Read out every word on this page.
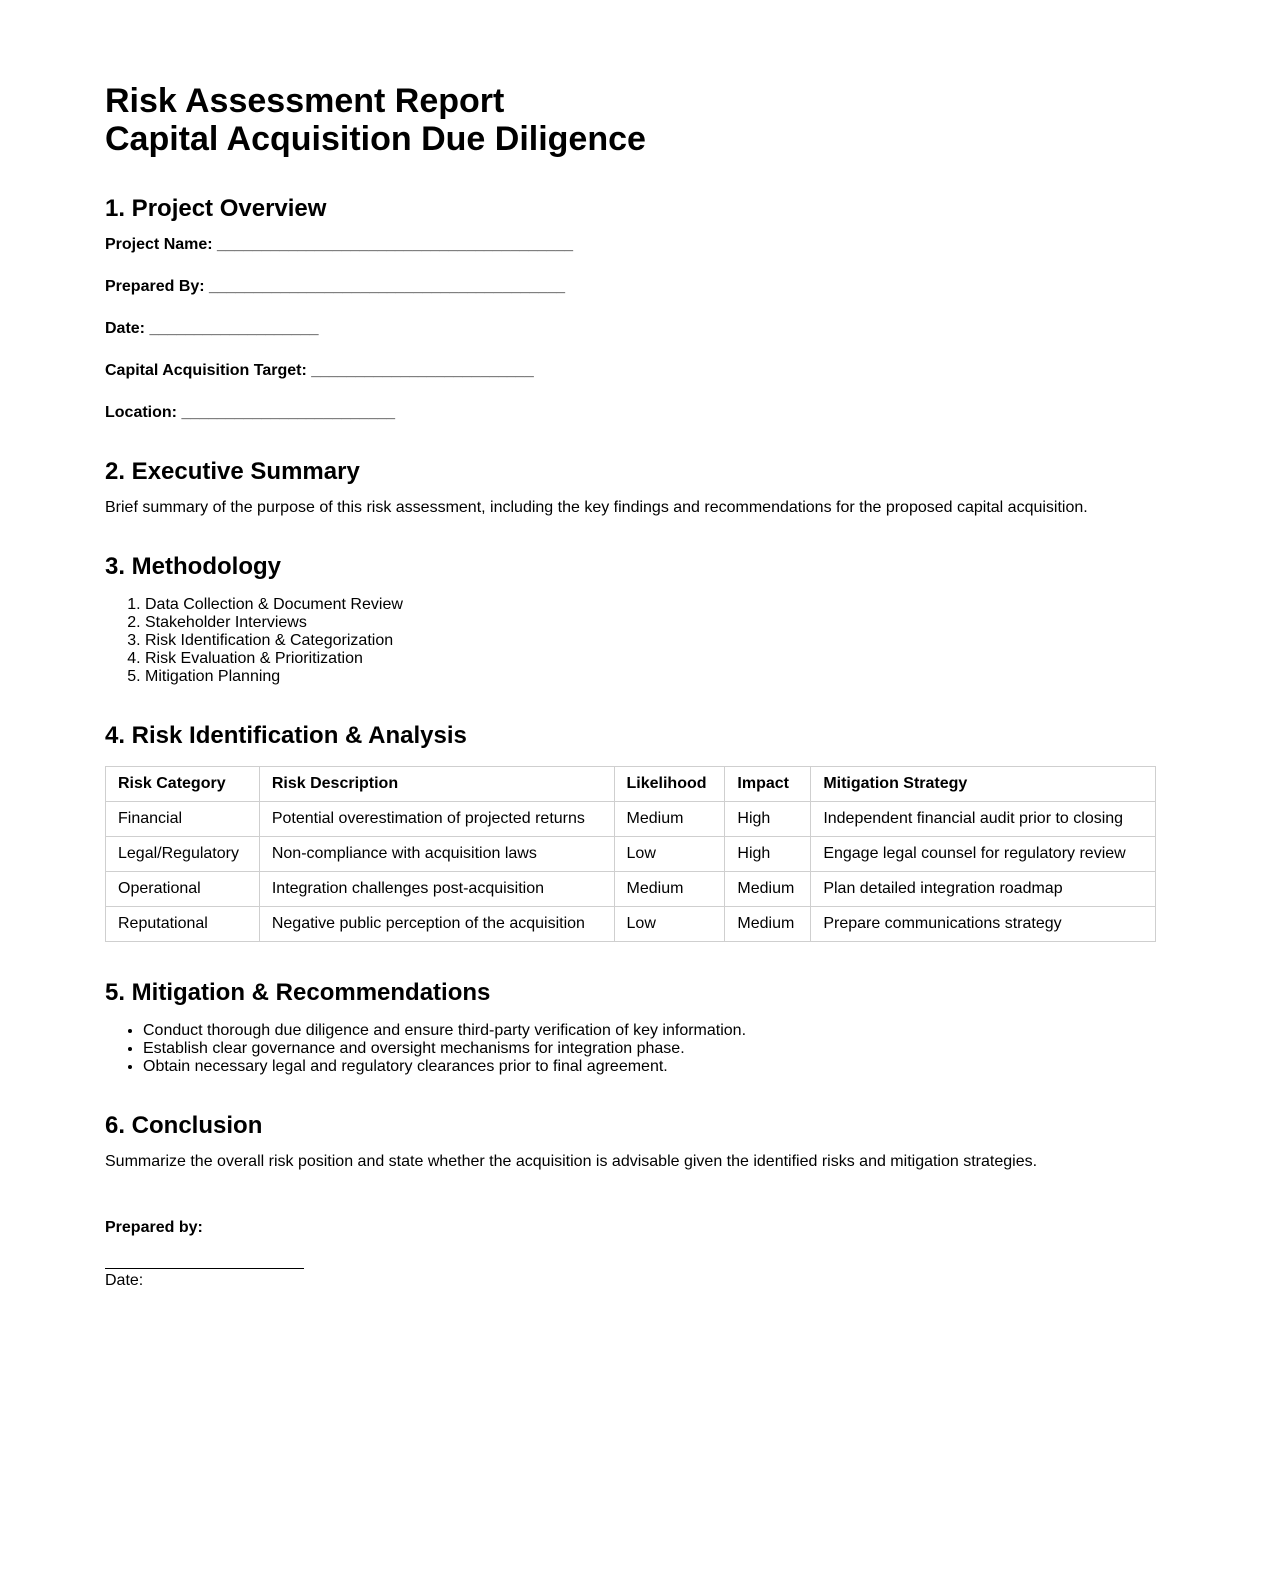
Risk Assessment Report
Capital Acquisition Due Diligence
1. Project Overview
Project Name: ________________________________________
Prepared By: ________________________________________
Date: ___________________
Capital Acquisition Target: _________________________
Location: ________________________
2. Executive Summary

Brief summary of the purpose of this risk assessment, including the key findings and recommendations for the proposed capital acquisition.

3. Methodology
1. Data Collection & Document Review
2. Stakeholder Interviews
3. Risk Identification & Categorization
4. Risk Evaluation & Prioritization
5. Mitigation Planning
4. Risk Identification & Analysis
Risk Category	Risk Description	Likelihood	Impact	Mitigation Strategy
Financial	Potential overestimation of projected returns	Medium	High	Independent financial audit prior to closing
Legal/Regulatory	Non-compliance with acquisition laws	Low	High	Engage legal counsel for regulatory review
Operational	Integration challenges post-acquisition	Medium	Medium	Plan detailed integration roadmap
Reputational	Negative public perception of the acquisition	Low	Medium	Prepare communications strategy
5. Mitigation & Recommendations
• Conduct thorough due diligence and ensure third-party verification of key information.
• Establish clear governance and oversight mechanisms for integration phase.
• Obtain necessary legal and regulatory clearances prior to final agreement.
6. Conclusion

Summarize the overall risk position and state whether the acquisition is advisable given the identified risks and mitigation strategies.

Prepared by:
Date:
